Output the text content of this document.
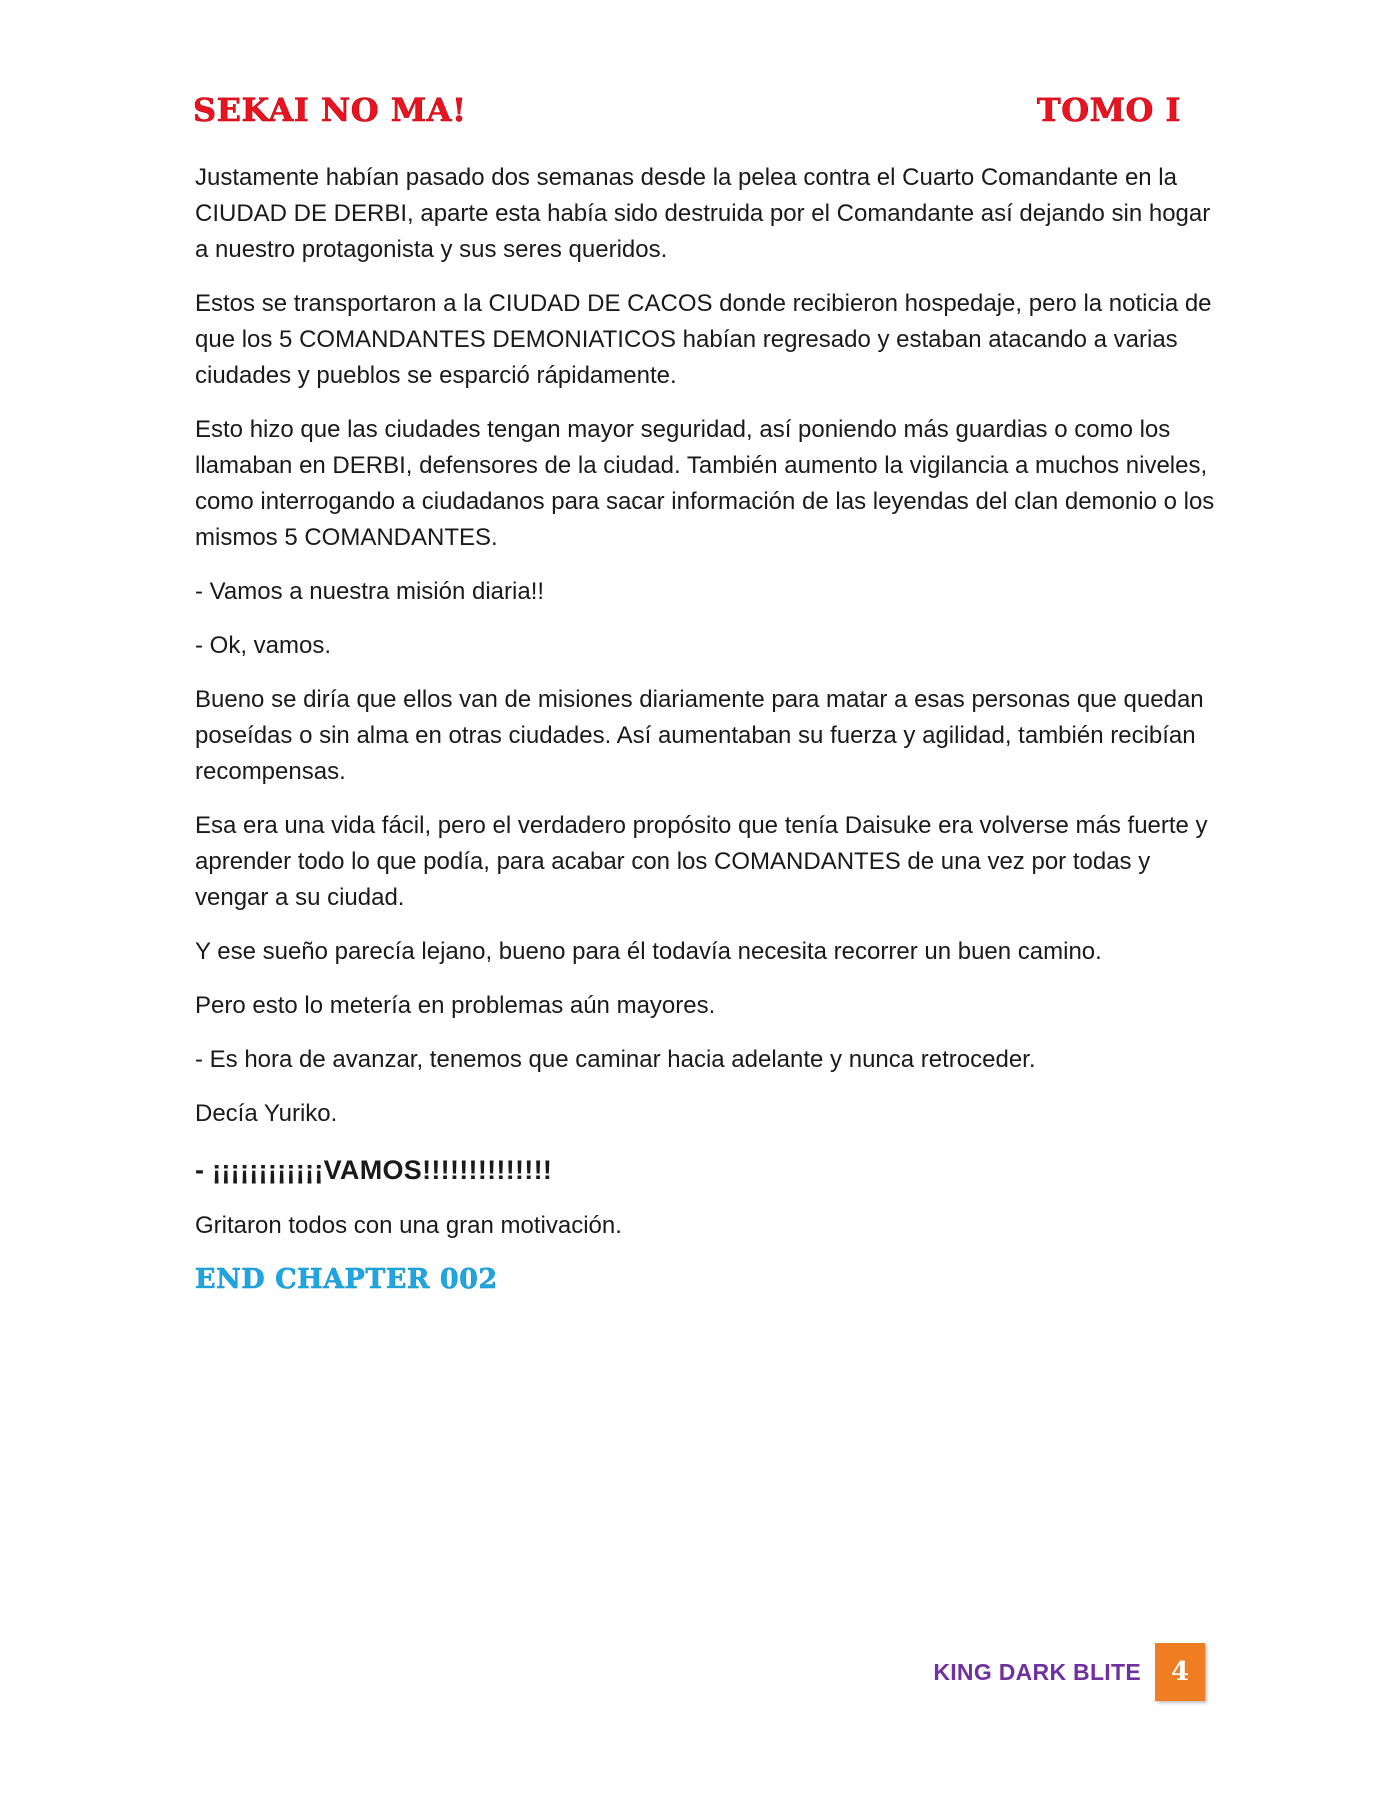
SEKAI NO MA!	TOMO I

Justamente habían pasado dos semanas desde la pelea contra el Cuarto Comandante en la CIUDAD DE DERBI, aparte esta había sido destruida por el Comandante así dejando sin hogar a nuestro protagonista y sus seres queridos.

Estos se transportaron a la CIUDAD DE CACOS donde recibieron hospedaje, pero la noticia de que los 5 COMANDANTES DEMONIATICOS habían regresado y estaban atacando a varias ciudades y pueblos se esparció rápidamente.

Esto hizo que las ciudades tengan mayor seguridad, así poniendo más guardias o como los llamaban en DERBI, defensores de la ciudad. También aumento la vigilancia a muchos niveles, como interrogando a ciudadanos para sacar información de las leyendas del clan demonio o los mismos 5 COMANDANTES.

- Vamos a nuestra misión diaria!!

- Ok, vamos.

Bueno se diría que ellos van de misiones diariamente para matar a esas personas que quedan poseídas o sin alma en otras ciudades. Así aumentaban su fuerza y agilidad, también recibían recompensas.

Esa era una vida fácil, pero el verdadero propósito que tenía Daisuke era volverse más fuerte y aprender todo lo que podía, para acabar con los COMANDANTES de una vez por todas y vengar a su ciudad.

Y ese sueño parecía lejano, bueno para él todavía necesita recorrer un buen camino.

Pero esto lo metería en problemas aún mayores.

- Es hora de avanzar, tenemos que caminar hacia adelante y nunca retroceder.

Decía Yuriko.

- ¡¡¡¡¡¡¡¡¡¡¡¡VAMOS!!!!!!!!!!!!!!

Gritaron todos con una gran motivación.

END CHAPTER 002
KING DARK BLITE	4
